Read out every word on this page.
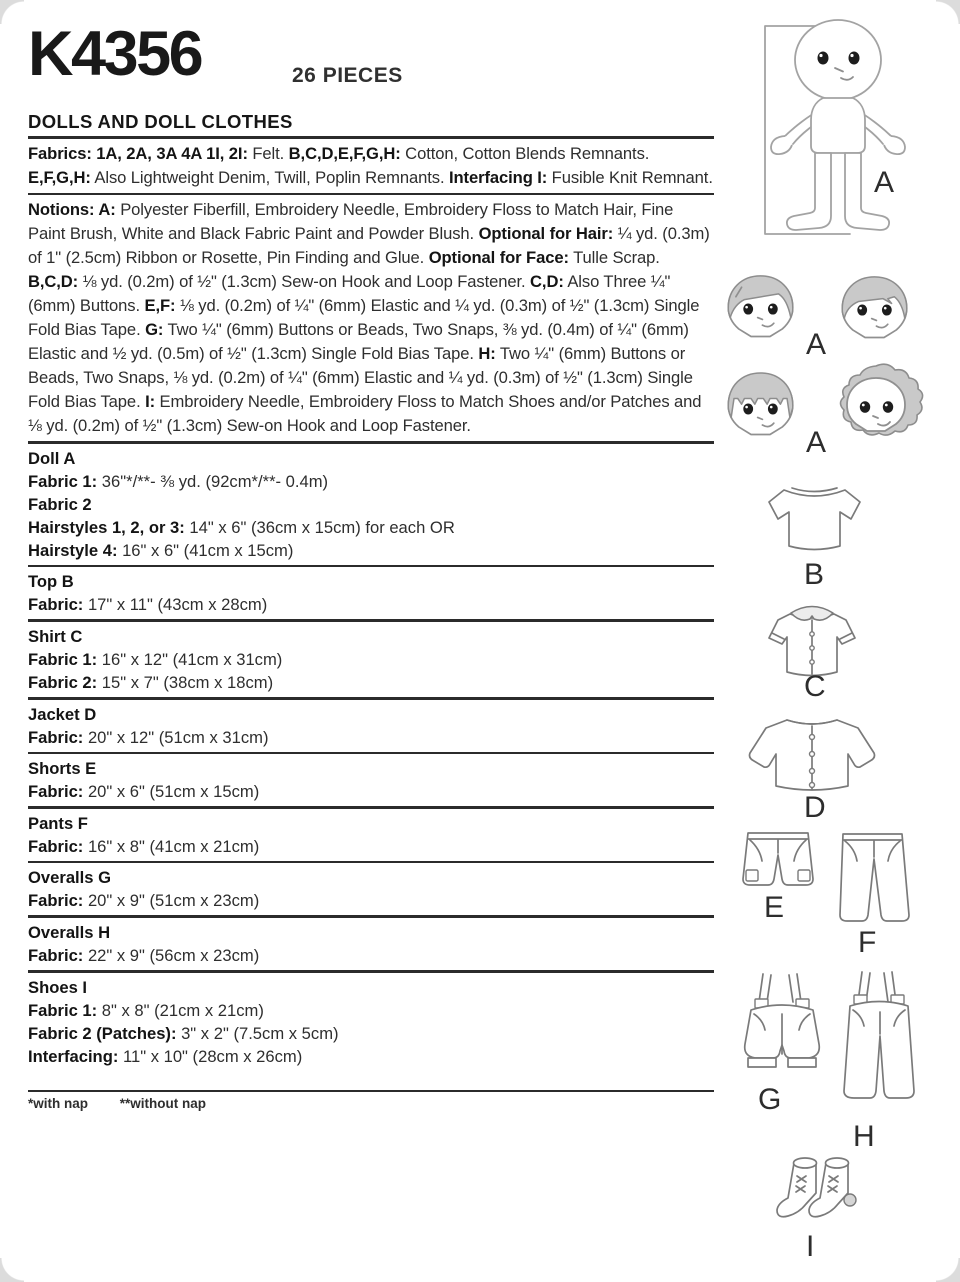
K4356	26 PIECES
DOLLS AND DOLL CLOTHES
Fabrics: 1A, 2A, 3A 4A 1I, 2I: Felt. B,C,D,E,F,G,H: Cotton, Cotton Blends Remnants. E,F,G,H: Also Lightweight Denim, Twill, Poplin Remnants. Interfacing I: Fusible Knit Remnant.
Notions: A: Polyester Fiberfill, Embroidery Needle, Embroidery Floss to Match Hair, Fine Paint Brush, White and Black Fabric Paint and Powder Blush. Optional for Hair: ¼ yd. (0.3m) of 1" (2.5cm) Ribbon or Rosette, Pin Finding and Glue. Optional for Face: Tulle Scrap. B,C,D: ⅛ yd. (0.2m) of ½" (1.3cm) Sew-on Hook and Loop Fastener. C,D: Also Three ¼" (6mm) Buttons. E,F: ⅛ yd. (0.2m) of ¼" (6mm) Elastic and ¼ yd. (0.3m) of ½" (1.3cm) Single Fold Bias Tape. G: Two ¼" (6mm) Buttons or Beads, Two Snaps, ⅜ yd. (0.4m) of ¼" (6mm) Elastic and ½ yd. (0.5m) of ½" (1.3cm) Single Fold Bias Tape. H: Two ¼" (6mm) Buttons or Beads, Two Snaps, ⅛ yd. (0.2m) of ¼" (6mm) Elastic and ¼ yd. (0.3m) of ½" (1.3cm) Single Fold Bias Tape. I: Embroidery Needle, Embroidery Floss to Match Shoes and/or Patches and ⅛ yd. (0.2m) of ½" (1.3cm) Sew-on Hook and Loop Fastener.
Doll A
Fabric 1: 36"*/**- ⅜ yd. (92cm*/**- 0.4m)
Fabric 2
Hairstyles 1, 2, or 3: 14" x 6" (36cm x 15cm) for each OR
Hairstyle 4: 16" x 6" (41cm x 15cm)
Top B
Fabric: 17" x 11" (43cm x 28cm)
Shirt C
Fabric 1: 16" x 12" (41cm x 31cm)
Fabric 2: 15" x 7" (38cm x 18cm)
Jacket D
Fabric: 20" x 12" (51cm x 31cm)
Shorts E
Fabric: 20" x 6" (51cm x 15cm)
Pants F
Fabric: 16" x 8" (41cm x 21cm)
Overalls G
Fabric: 20" x 9" (51cm x 23cm)
Overalls H
Fabric: 22" x 9" (56cm x 23cm)
Shoes I
Fabric 1: 8" x 8" (21cm x 21cm)
Fabric 2 (Patches): 3" x 2" (7.5cm x 5cm)
Interfacing: 11" x 10" (28cm x 26cm)
*with nap **without nap
A
A
A
B
C
D
E
F
G
H
I
